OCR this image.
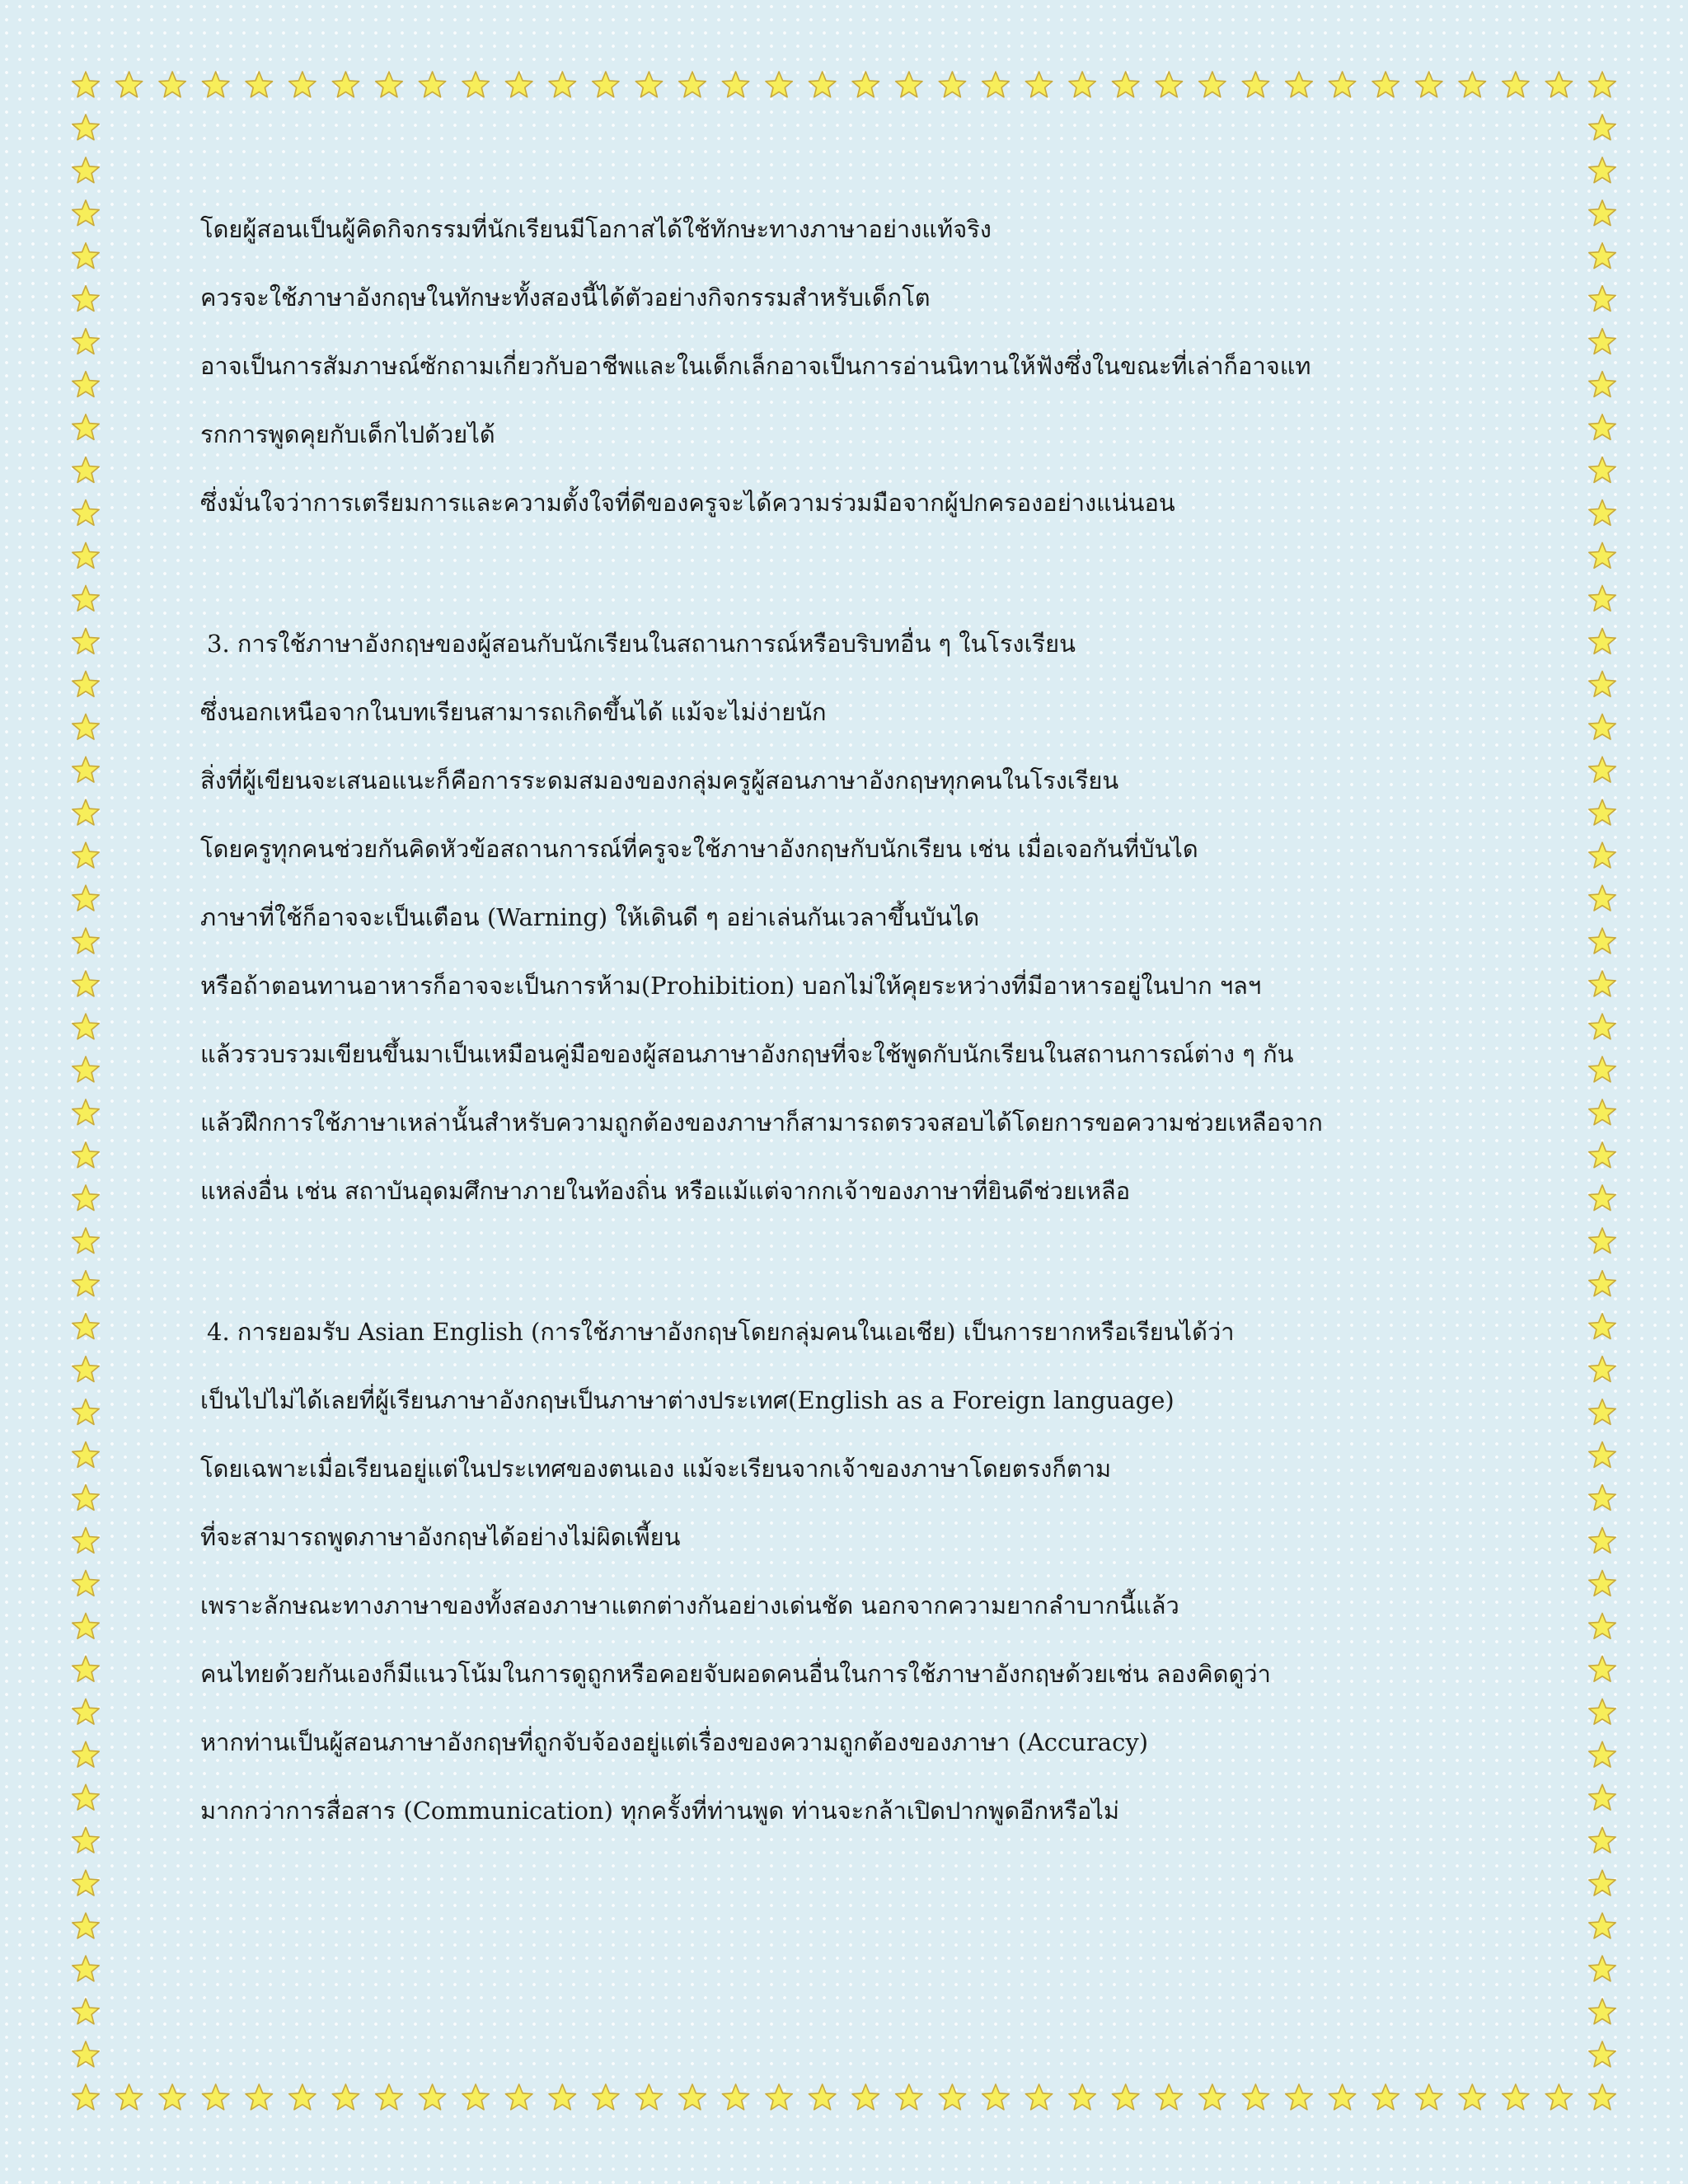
โดยผู้สอนเป็นผู้คิดกิจกรรมที่นักเรียนมีโอกาสได้ใช้ทักษะทางภาษาอย่างแท้จริง

ควรจะใช้ภาษาอังกฤษในทักษะทั้งสองนี้ได้ตัวอย่างกิจกรรมสำหรับเด็กโต

อาจเป็นการสัมภาษณ์ซักถามเกี่ยวกับอาชีพและในเด็กเล็กอาจเป็นการอ่านนิทานให้ฟังซึ่งในขณะที่เล่าก็อาจแท

รกการพูดคุยกับเด็กไปด้วยได้

ซึ่งมั่นใจว่าการเตรียมการและความตั้งใจที่ดีของครูจะได้ความร่วมมือจากผู้ปกครองอย่างแน่นอน

3. การใช้ภาษาอังกฤษของผู้สอนกับนักเรียนในสถานการณ์หรือบริบทอื่น ๆ ในโรงเรียน

ซึ่งนอกเหนือจากในบทเรียนสามารถเกิดขึ้นได้ แม้จะไม่ง่ายนัก

สิ่งที่ผู้เขียนจะเสนอแนะก็คือการระดมสมองของกลุ่มครูผู้สอนภาษาอังกฤษทุกคนในโรงเรียน

โดยครูทุกคนช่วยกันคิดหัวข้อสถานการณ์ที่ครูจะใช้ภาษาอังกฤษกับนักเรียน เช่น เมื่อเจอกันที่บันได

ภาษาที่ใช้ก็อาจจะเป็นเตือน (Warning) ให้เดินดี ๆ อย่าเล่นกันเวลาขึ้นบันได

หรือถ้าตอนทานอาหารก็อาจจะเป็นการห้าม(Prohibition) บอกไม่ให้คุยระหว่างที่มีอาหารอยู่ในปาก ฯลฯ

แล้วรวบรวมเขียนขึ้นมาเป็นเหมือนคู่มือของผู้สอนภาษาอังกฤษที่จะใช้พูดกับนักเรียนในสถานการณ์ต่าง ๆ กัน

แล้วฝึกการใช้ภาษาเหล่านั้นสำหรับความถูกต้องของภาษาก็สามารถตรวจสอบได้โดยการขอความช่วยเหลือจาก

แหล่งอื่น เช่น สถาบันอุดมศึกษาภายในท้องถิ่น หรือแม้แต่จากกเจ้าของภาษาที่ยินดีช่วยเหลือ

4. การยอมรับ Asian English (การใช้ภาษาอังกฤษโดยกลุ่มคนในเอเชีย) เป็นการยากหรือเรียนได้ว่า

เป็นไปไม่ได้เลยที่ผู้เรียนภาษาอังกฤษเป็นภาษาต่างประเทศ(English as a Foreign language)

โดยเฉพาะเมื่อเรียนอยู่แต่ในประเทศของตนเอง แม้จะเรียนจากเจ้าของภาษาโดยตรงก็ตาม

ที่จะสามารถพูดภาษาอังกฤษได้อย่างไม่ผิดเพี้ยน

เพราะลักษณะทางภาษาของทั้งสองภาษาแตกต่างกันอย่างเด่นชัด นอกจากความยากลำบากนี้แล้ว

คนไทยด้วยกันเองก็มีแนวโน้มในการดูถูกหรือคอยจับผอดคนอื่นในการใช้ภาษาอังกฤษด้วยเช่น ลองคิดดูว่า

หากท่านเป็นผู้สอนภาษาอังกฤษที่ถูกจับจ้องอยู่แต่เรื่องของความถูกต้องของภาษา (Accuracy)

มากกว่าการสื่อสาร (Communication) ทุกครั้งที่ท่านพูด ท่านจะกล้าเปิดปากพูดอีกหรือไม่
